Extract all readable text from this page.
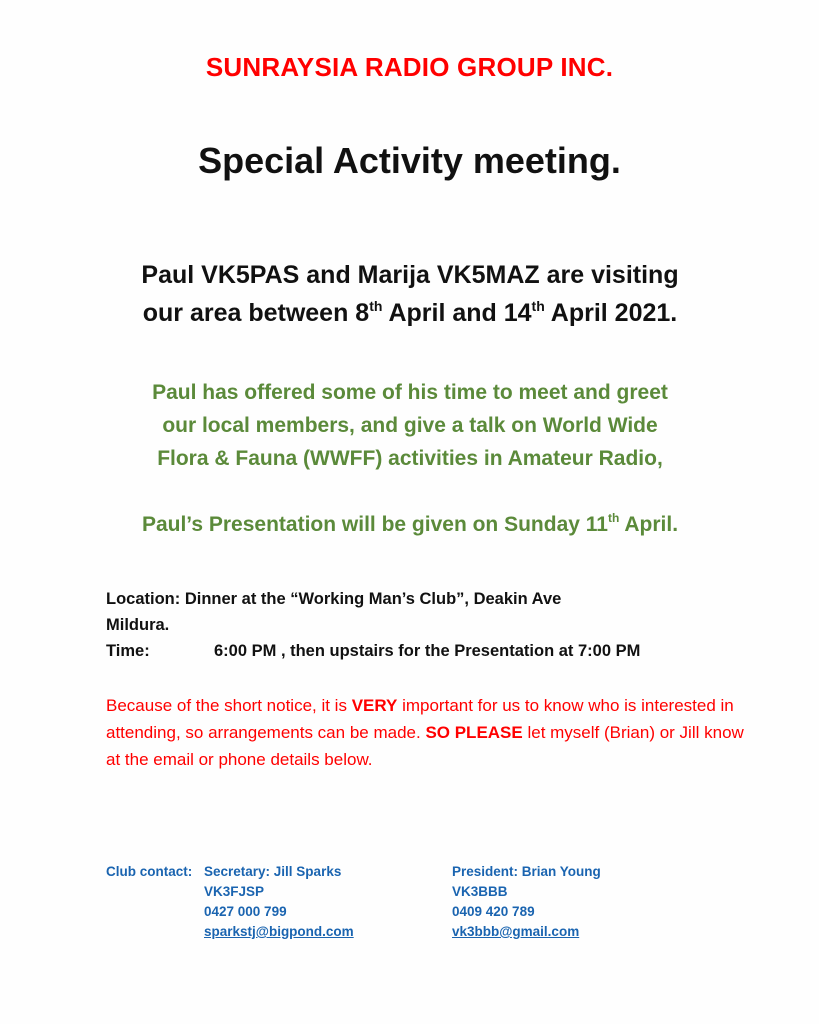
SUNRAYSIA RADIO GROUP INC.
Special Activity meeting.
Paul VK5PAS and Marija VK5MAZ are visiting
our area between 8th April and 14th April 2021.
Paul has offered some of his time to meet and greet
our local members, and give a talk on World Wide
Flora & Fauna (WWFF) activities in Amateur Radio,
Paul’s Presentation will be given on Sunday 11th April.
Location: Dinner at the “Working Man’s Club”, Deakin Ave
Mildura.
Time:	6:00 PM , then upstairs for the Presentation at 7:00 PM
Because of the short notice, it is VERY important for us to know who is interested in attending, so arrangements can be made. SO PLEASE let myself (Brian) or Jill know at the email or phone details below.
Club contact: Secretary: Jill Sparks
VK3FJSP
0427 000 799
sparkstj@bigpond.com
President: Brian Young
VK3BBB
0409 420 789
vk3bbb@gmail.com
